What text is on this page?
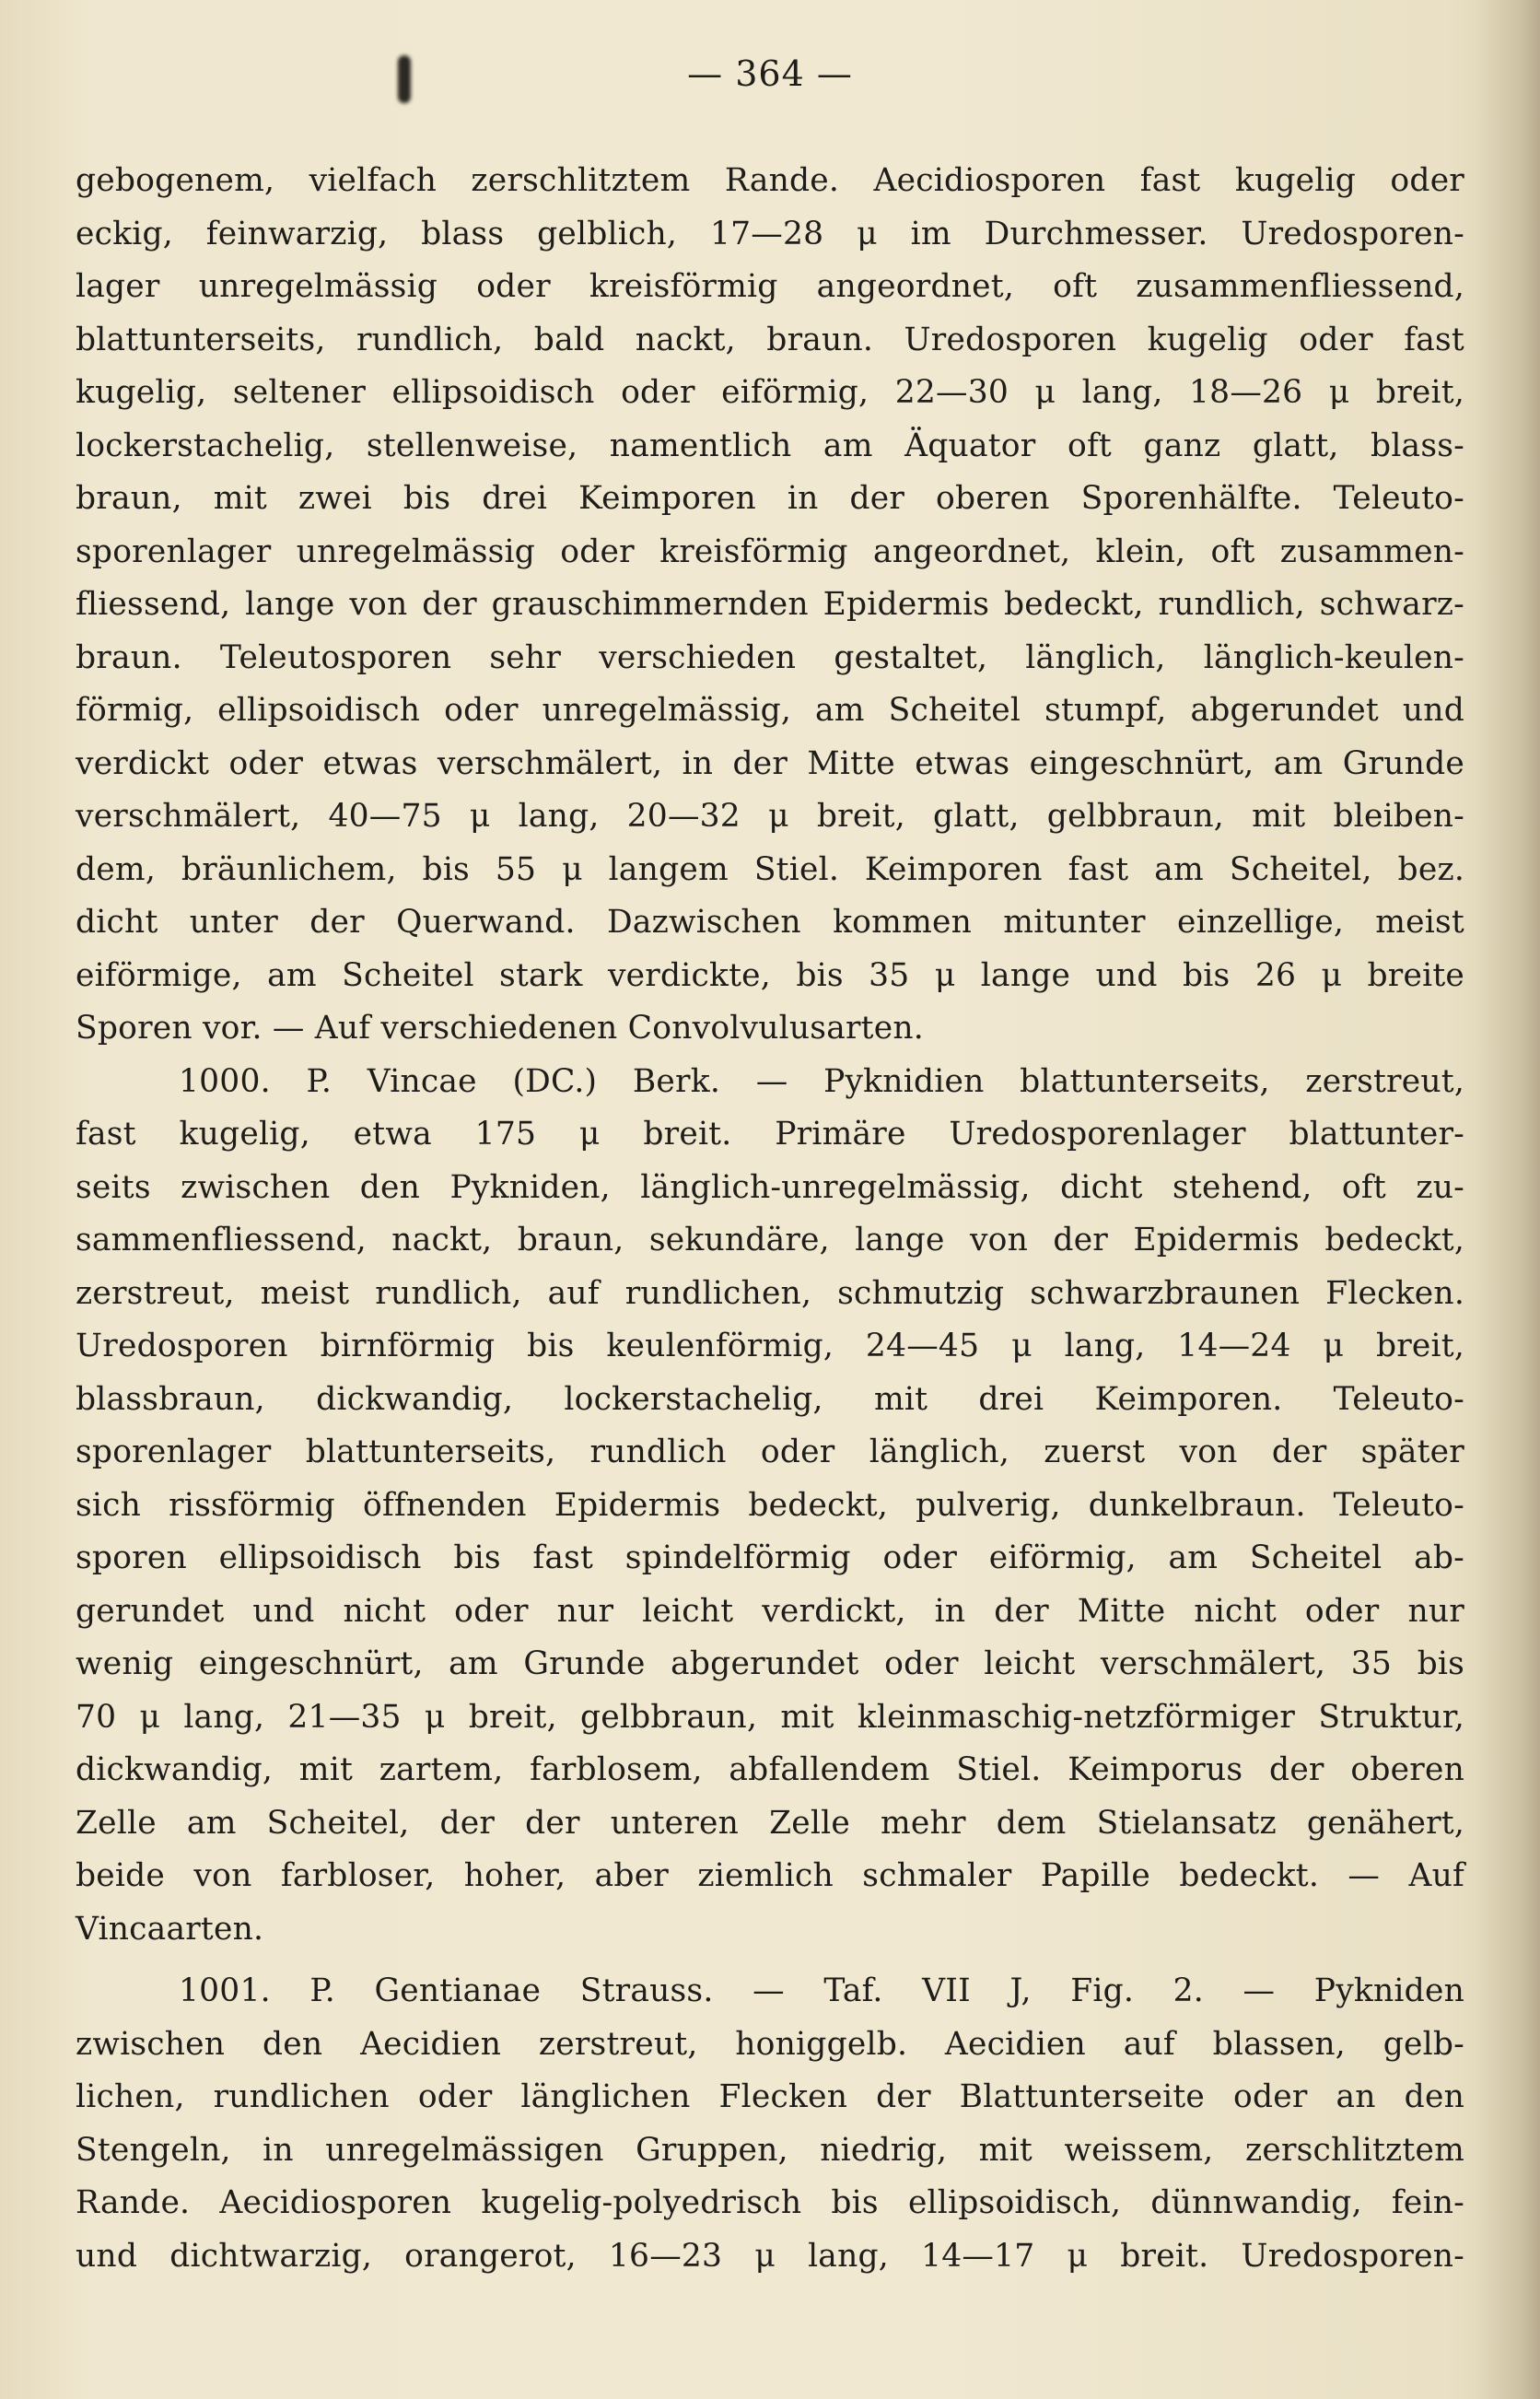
— 364 —
gebogenem, vielfach zerschlitztem Rande. Aecidiosporen fast kugelig oder
eckig, feinwarzig, blass gelblich, 17—28 μ im Durchmesser. Uredosporen-
lager unregelmässig oder kreisförmig angeordnet, oft zusammenfliessend,
blattunterseits, rundlich, bald nackt, braun. Uredosporen kugelig oder fast
kugelig, seltener ellipsoidisch oder eiförmig, 22—30 μ lang, 18—26 μ breit,
lockerstachelig, stellenweise, namentlich am Äquator oft ganz glatt, blass-
braun, mit zwei bis drei Keimporen in der oberen Sporenhälfte. Teleuto-
sporenlager unregelmässig oder kreisförmig angeordnet, klein, oft zusammen-
fliessend, lange von der grauschimmernden Epidermis bedeckt, rundlich, schwarz-
braun. Teleutosporen sehr verschieden gestaltet, länglich, länglich-keulen-
förmig, ellipsoidisch oder unregelmässig, am Scheitel stumpf, abgerundet und
verdickt oder etwas verschmälert, in der Mitte etwas eingeschnürt, am Grunde
verschmälert, 40—75 μ lang, 20—32 μ breit, glatt, gelbbraun, mit bleiben-
dem, bräunlichem, bis 55 μ langem Stiel. Keimporen fast am Scheitel, bez.
dicht unter der Querwand. Dazwischen kommen mitunter einzellige, meist
eiförmige, am Scheitel stark verdickte, bis 35 μ lange und bis 26 μ breite
Sporen vor. — Auf verschiedenen Convolvulusarten.
1000. P. Vincae (DC.) Berk. — Pyknidien blattunterseits, zerstreut,
fast kugelig, etwa 175 μ breit. Primäre Uredosporenlager blattunter-
seits zwischen den Pykniden, länglich-unregelmässig, dicht stehend, oft zu-
sammenfliessend, nackt, braun, sekundäre, lange von der Epidermis bedeckt,
zerstreut, meist rundlich, auf rundlichen, schmutzig schwarzbraunen Flecken.
Uredosporen birnförmig bis keulenförmig, 24—45 μ lang, 14—24 μ breit,
blassbraun, dickwandig, lockerstachelig, mit drei Keimporen. Teleuto-
sporenlager blattunterseits, rundlich oder länglich, zuerst von der später
sich rissförmig öffnenden Epidermis bedeckt, pulverig, dunkelbraun. Teleuto-
sporen ellipsoidisch bis fast spindelförmig oder eiförmig, am Scheitel ab-
gerundet und nicht oder nur leicht verdickt, in der Mitte nicht oder nur
wenig eingeschnürt, am Grunde abgerundet oder leicht verschmälert, 35 bis
70 μ lang, 21—35 μ breit, gelbbraun, mit kleinmaschig-netzförmiger Struktur,
dickwandig, mit zartem, farblosem, abfallendem Stiel. Keimporus der oberen
Zelle am Scheitel, der der unteren Zelle mehr dem Stielansatz genähert,
beide von farbloser, hoher, aber ziemlich schmaler Papille bedeckt. — Auf
Vincaarten.
1001. P. Gentianae Strauss. — Taf. VII J, Fig. 2. — Pykniden
zwischen den Aecidien zerstreut, honiggelb. Aecidien auf blassen, gelb-
lichen, rundlichen oder länglichen Flecken der Blattunterseite oder an den
Stengeln, in unregelmässigen Gruppen, niedrig, mit weissem, zerschlitztem
Rande. Aecidiosporen kugelig-polyedrisch bis ellipsoidisch, dünnwandig, fein-
und dichtwarzig, orangerot, 16—23 μ lang, 14—17 μ breit. Uredosporen-
